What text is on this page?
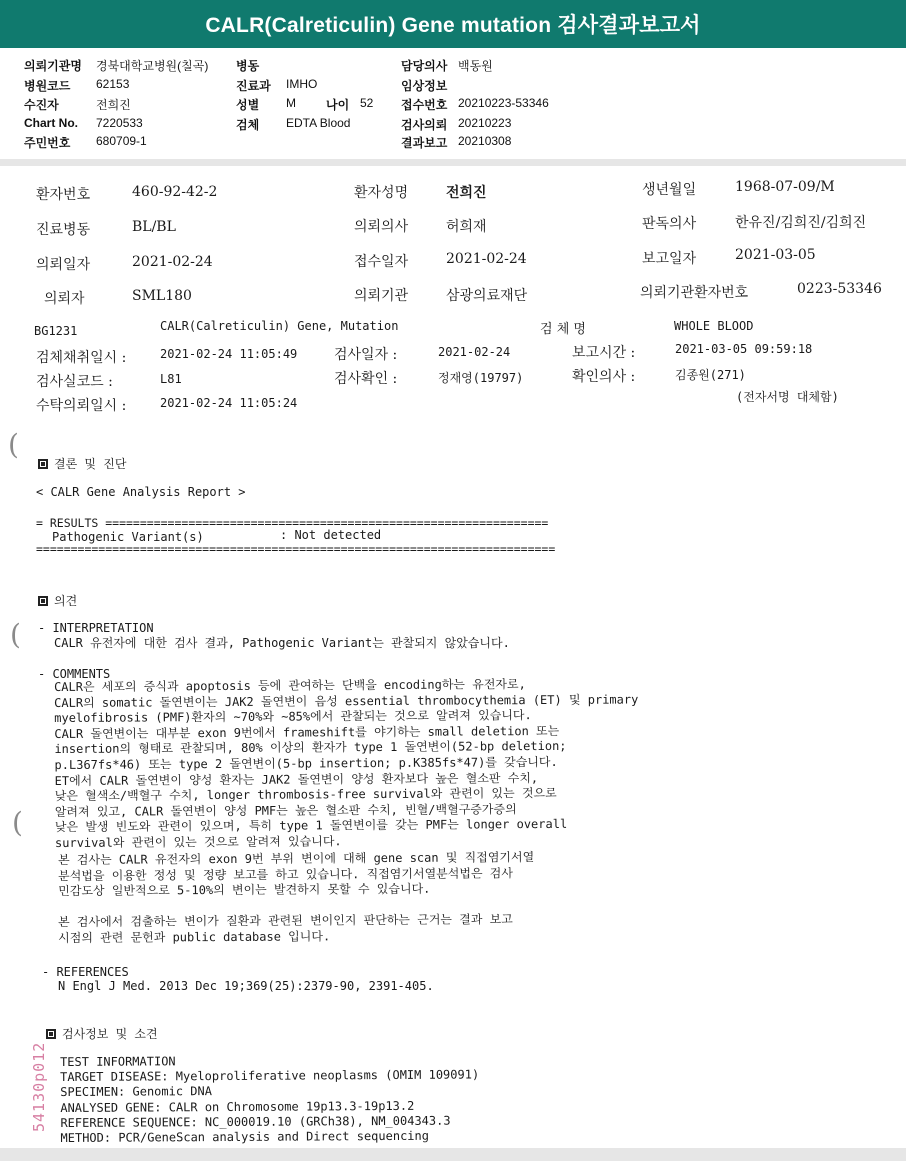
CALR(Calreticulin) Gene mutation 검사결과보고서
의뢰기관명 경북대학교병원(칠곡)
병원코드 62153
수진자	전희진
Chart No. 7220533
주민번호 680709-1
병동
진료과 IMHO
성별 M	나이 52
검체 EDTA Blood
담당의사 백동원
임상정보
접수번호 20210223-53346
검사의뢰 20210223
결과보고 20210308
환자번호	460-92-42-2	환자성명	전희진	생년월일	1968-07-09/M
진료병동	BL/BL	의뢰의사	허희재	판독의사	한유진/김희진/김희진
의뢰일자	2021-02-24	접수일자	2021-02-24	보고일자	2021-03-05
의뢰자	SML180	의뢰기관	삼광의료재단	의뢰기관환자번호	0223-53346
BG1231	CALR(Calreticulin) Gene, Mutation	검 체 명	WHOLE BLOOD
검체채취일시 :	2021-02-24 11:05:49	검사일자 :	2021-02-24	보고시간 :	2021-03-05 09:59:18
검사실코드 :	L81	검사확인 :	정재영(19797)	확인의사 :	김종원(271)
수탁의뢰일시 :	2021-02-24 11:05:24	(전자서명 대체함)
(
결론 및 진단
< CALR Gene Analysis Report >
= RESULTS ================================================================
Pathogenic Variant(s)	: Not detected
===========================================================================
의견
- INTERPRETATION
CALR 유전자에 대한 검사 결과, Pathogenic Variant는 관찰되지 않았습니다.
(
- COMMENTS
CALR은 세포의 증식과 apoptosis 등에 관여하는 단백을 encoding하는 유전자로,
CALR의 somatic 돌연변이는 JAK2 돌연변이 음성 essential thrombocythemia (ET) 및 primary
myelofibrosis (PMF)환자의 ~70%와 ~85%에서 관찰되는 것으로 알려져 있습니다.
CALR 돌연변이는 대부분 exon 9번에서 frameshift를 야기하는 small deletion 또는
insertion의 형태로 관찰되며, 80% 이상의 환자가 type 1 돌연변이(52-bp deletion;
p.L367fs*46) 또는 type 2 돌연변이(5-bp insertion; p.K385fs*47)를 갖습니다.
ET에서 CALR 돌연변이 양성 환자는 JAK2 돌연변이 양성 환자보다 높은 혈소판 수치,
낮은 혈색소/백혈구 수치, longer thrombosis-free survival와 관련이 있는 것으로
알려져 있고, CALR 돌연변이 양성 PMF는 높은 혈소판 수치, 빈혈/백혈구증가증의
낮은 발생 빈도와 관련이 있으며, 특히 type 1 돌연변이를 갖는 PMF는 longer overall
survival와 관련이 있는 것으로 알려져 있습니다.
(
본 검사는 CALR 유전자의 exon 9번 부위 변이에 대해 gene scan 및 직접염기서열
분석법을 이용한 정성 및 정량 보고를 하고 있습니다. 직접염기서열분석법은 검사
민감도상 일반적으로 5-10%의 변이는 발견하지 못할 수 있습니다.
본 검사에서 검출하는 변이가 질환과 관련된 변이인지 판단하는 근거는 결과 보고
시점의 관련 문헌과 public database 입니다.
- REFERENCES
N Engl J Med. 2013 Dec 19;369(25):2379-90, 2391-405.
검사정보 및 소견
TEST INFORMATION
TARGET DISEASE: Myeloproliferative neoplasms (OMIM 109091)
SPECIMEN: Genomic DNA
ANALYSED GENE: CALR on Chromosome 19p13.3-19p13.2
REFERENCE SEQUENCE: NC_000019.10 (GRCh38), NM_004343.3
METHOD: PCR/GeneScan analysis and Direct sequencing
54130p012
